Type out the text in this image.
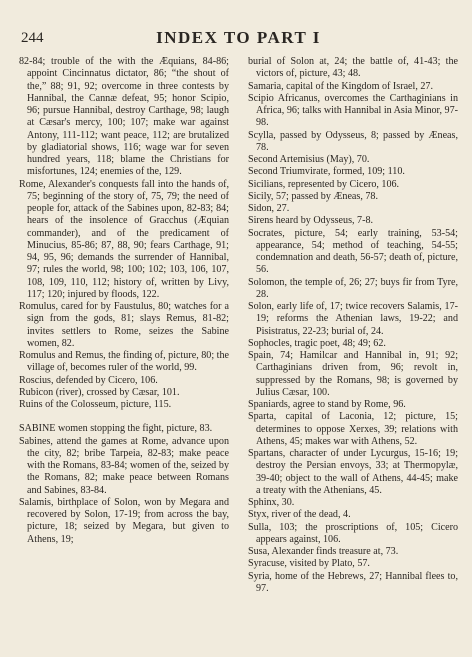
244	INDEX TO PART I

82-84; trouble of the with the Æquians, 84-86; appoint Cincinnatus dictator, 86; “the shout of the,” 88; 91, 92; overcome in three contests by Hannibal, the Cannæ defeat, 95; honor Scipio, 96; pursue Hannibal, destroy Carthage, 98; laugh at Cæsar's mercy, 100; 107; make war against Antony, 111-112; want peace, 112; are brutalized by gladiatorial shows, 116; wage war for seven hundred years, 118; blame the Christians for misfortunes, 124; enemies of the, 129.

Rome, Alexander's conquests fall into the hands of, 75; beginning of the story of, 75, 79; the need of people for, attack of the Sabines upon, 82-83; 84; hears of the insolence of Gracchus (Æquian commander), and of the predicament of Minucius, 85-86; 87, 88, 90; fears Carthage, 91; 94, 95, 96; demands the surrender of Hannibal, 97; rules the world, 98; 100; 102; 103, 106, 107, 108, 109, 110, 112; history of, written by Livy, 117; 120; injured by floods, 122.

Romulus, cared for by Faustulus, 80; watches for a sign from the gods, 81; slays Remus, 81-82; invites settlers to Rome, seizes the Sabine women, 82.

Romulus and Remus, the finding of, picture, 80; the village of, becomes ruler of the world, 99.

Roscius, defended by Cicero, 106.

Rubicon (river), crossed by Cæsar, 101.

Ruins of the Colosseum, picture, 115.

SABINE women stopping the fight, picture, 83.

Sabines, attend the games at Rome, advance upon the city, 82; bribe Tarpeia, 82-83; make peace with the Romans, 83-84; women of the, seized by the Romans, 82; make peace between Romans and Sabines, 83-84.

Salamis, birthplace of Solon, won by Megara and recovered by Solon, 17-19; from across the bay, picture, 18; seized by Megara, but given to Athens, 19;

burial of Solon at, 24; the battle of, 41-43; the victors of, picture, 43; 48.

Samaria, capital of the Kingdom of Israel, 27.

Scipio Africanus, overcomes the Carthaginians in Africa, 96; talks with Hannibal in Asia Minor, 97-98.

Scylla, passed by Odysseus, 8; passed by Æneas, 78.

Second Artemisius (May), 70.

Second Triumvirate, formed, 109; 110.

Sicilians, represented by Cicero, 106.

Sicily, 57; passed by Æneas, 78.

Sidon, 27.

Sirens heard by Odysseus, 7-8.

Socrates, picture, 54; early training, 53-54; appearance, 54; method of teaching, 54-55; condemnation and death, 56-57; death of, picture, 56.

Solomon, the temple of, 26; 27; buys fir from Tyre, 28.

Solon, early life of, 17; twice recovers Salamis, 17-19; reforms the Athenian laws, 19-22; and Pisistratus, 22-23; burial of, 24.

Sophocles, tragic poet, 48; 49; 62.

Spain, 74; Hamilcar and Hannibal in, 91; 92; Carthaginians driven from, 96; revolt in, suppressed by the Romans, 98; is governed by Julius Cæsar, 100.

Spaniards, agree to stand by Rome, 96.

Sparta, capital of Laconia, 12; picture, 15; determines to oppose Xerxes, 39; relations with Athens, 45; makes war with Athens, 52.

Spartans, character of under Lycurgus, 15-16; 19; destroy the Persian envoys, 33; at Thermopylæ, 39-40; object to the wall of Athens, 44-45; make a treaty with the Athenians, 45.

Sphinx, 30.

Styx, river of the dead, 4.

Sulla, 103; the proscriptions of, 105; Cicero appears against, 106.

Susa, Alexander finds treasure at, 73.

Syracuse, visited by Plato, 57.

Syria, home of the Hebrews, 27; Hannibal flees to, 97.
